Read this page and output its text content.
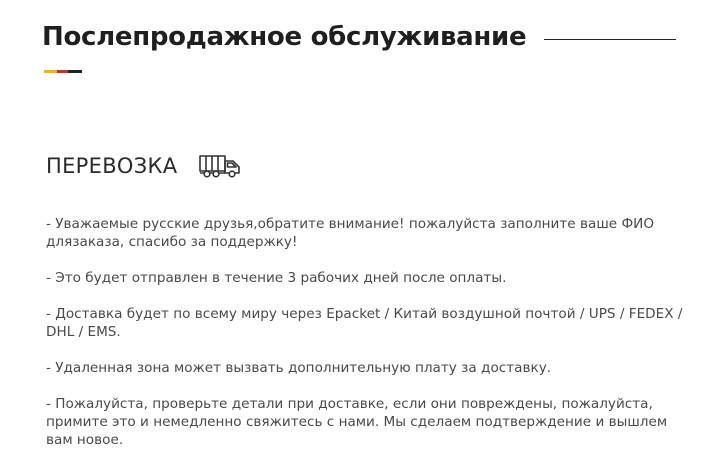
Послепродажное обслуживание
ПЕРЕВОЗКА

- Уважаемые русские друзья,обратите внимание! пожалуйста заполните ваше ФИО длязаказа, спасибо за поддержку!

- Это будет отправлен в течение 3 рабочих дней после оплаты.

- Доставка будет по всему миру через Epacket / Китай воздушной почтой / UPS / FEDEX / DHL / EMS.

- Удаленная зона может вызвать дополнительную плату за доставку.

- Пожалуйста, проверьте детали при доставке, если они повреждены, пожалуйста, примите это и немедленно свяжитесь с нами. Мы сделаем подтверждение и вышлем вам новое.
